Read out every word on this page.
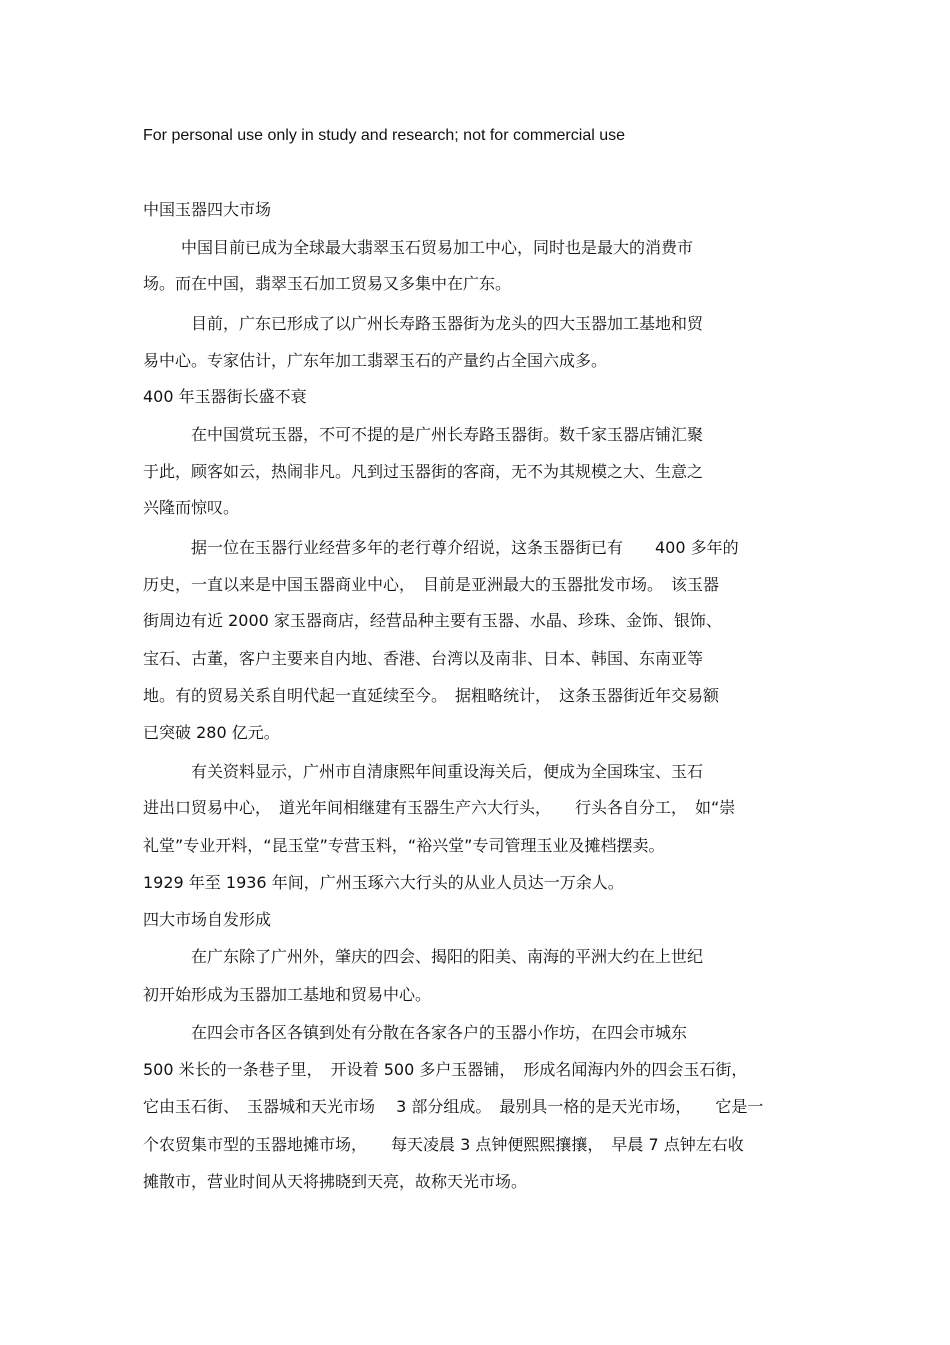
For personal use only in study and research; not for commercial use
中国玉器四大市场
中国目前已成为全球最大翡翠玉石贸易加工中心，同时也是最大的消费市
场。而在中国，翡翠玉石加工贸易又多集中在广东。
目前，广东已形成了以广州长寿路玉器街为龙头的四大玉器加工基地和贸
易中心。专家估计，广东年加工翡翠玉石的产量约占全国六成多。
400 年玉器街长盛不衰
在中国赏玩玉器，不可不提的是广州长寿路玉器街。数千家玉器店铺汇聚
于此，顾客如云，热闹非凡。凡到过玉器街的客商，无不为其规模之大、生意之
兴隆而惊叹。
据一位在玉器行业经营多年的老行尊介绍说，这条玉器街已有　　400 多年的
历史，一直以来是中国玉器商业中心，　目前是亚洲最大的玉器批发市场。　该玉器
街周边有近 2000 家玉器商店，经营品种主要有玉器、水晶、珍珠、金饰、银饰、
宝石、古董，客户主要来自内地、香港、台湾以及南非、日本、韩国、东南亚等
地。有的贸易关系自明代起一直延续至今。　据粗略统计，　这条玉器街近年交易额
已突破 280 亿元。
有关资料显示，广州市自清康熙年间重设海关后，便成为全国珠宝、玉石
进出口贸易中心，　道光年间相继建有玉器生产六大行头，　　行头各自分工，　如“崇
礼堂”专业开料，“昆玉堂”专营玉料，“裕兴堂”专司管理玉业及摊档摆卖。
1929 年至 1936 年间，广州玉琢六大行头的从业人员达一万余人。
四大市场自发形成
在广东除了广州外，肇庆的四会、揭阳的阳美、南海的平洲大约在上世纪
初开始形成为玉器加工基地和贸易中心。
在四会市各区各镇到处有分散在各家各户的玉器小作坊，在四会市城东
500 米长的一条巷子里，　开设着 500 多户玉器铺，　形成名闻海内外的四会玉石街，
它由玉石街、　玉器城和天光市场　 3 部分组成。　最别具一格的是天光市场，　　它是一
个农贸集市型的玉器地摊市场，　　每天凌晨 3 点钟便熙熙攘攘，　早晨 7 点钟左右收
摊散市，营业时间从天将拂晓到天亮，故称天光市场。
